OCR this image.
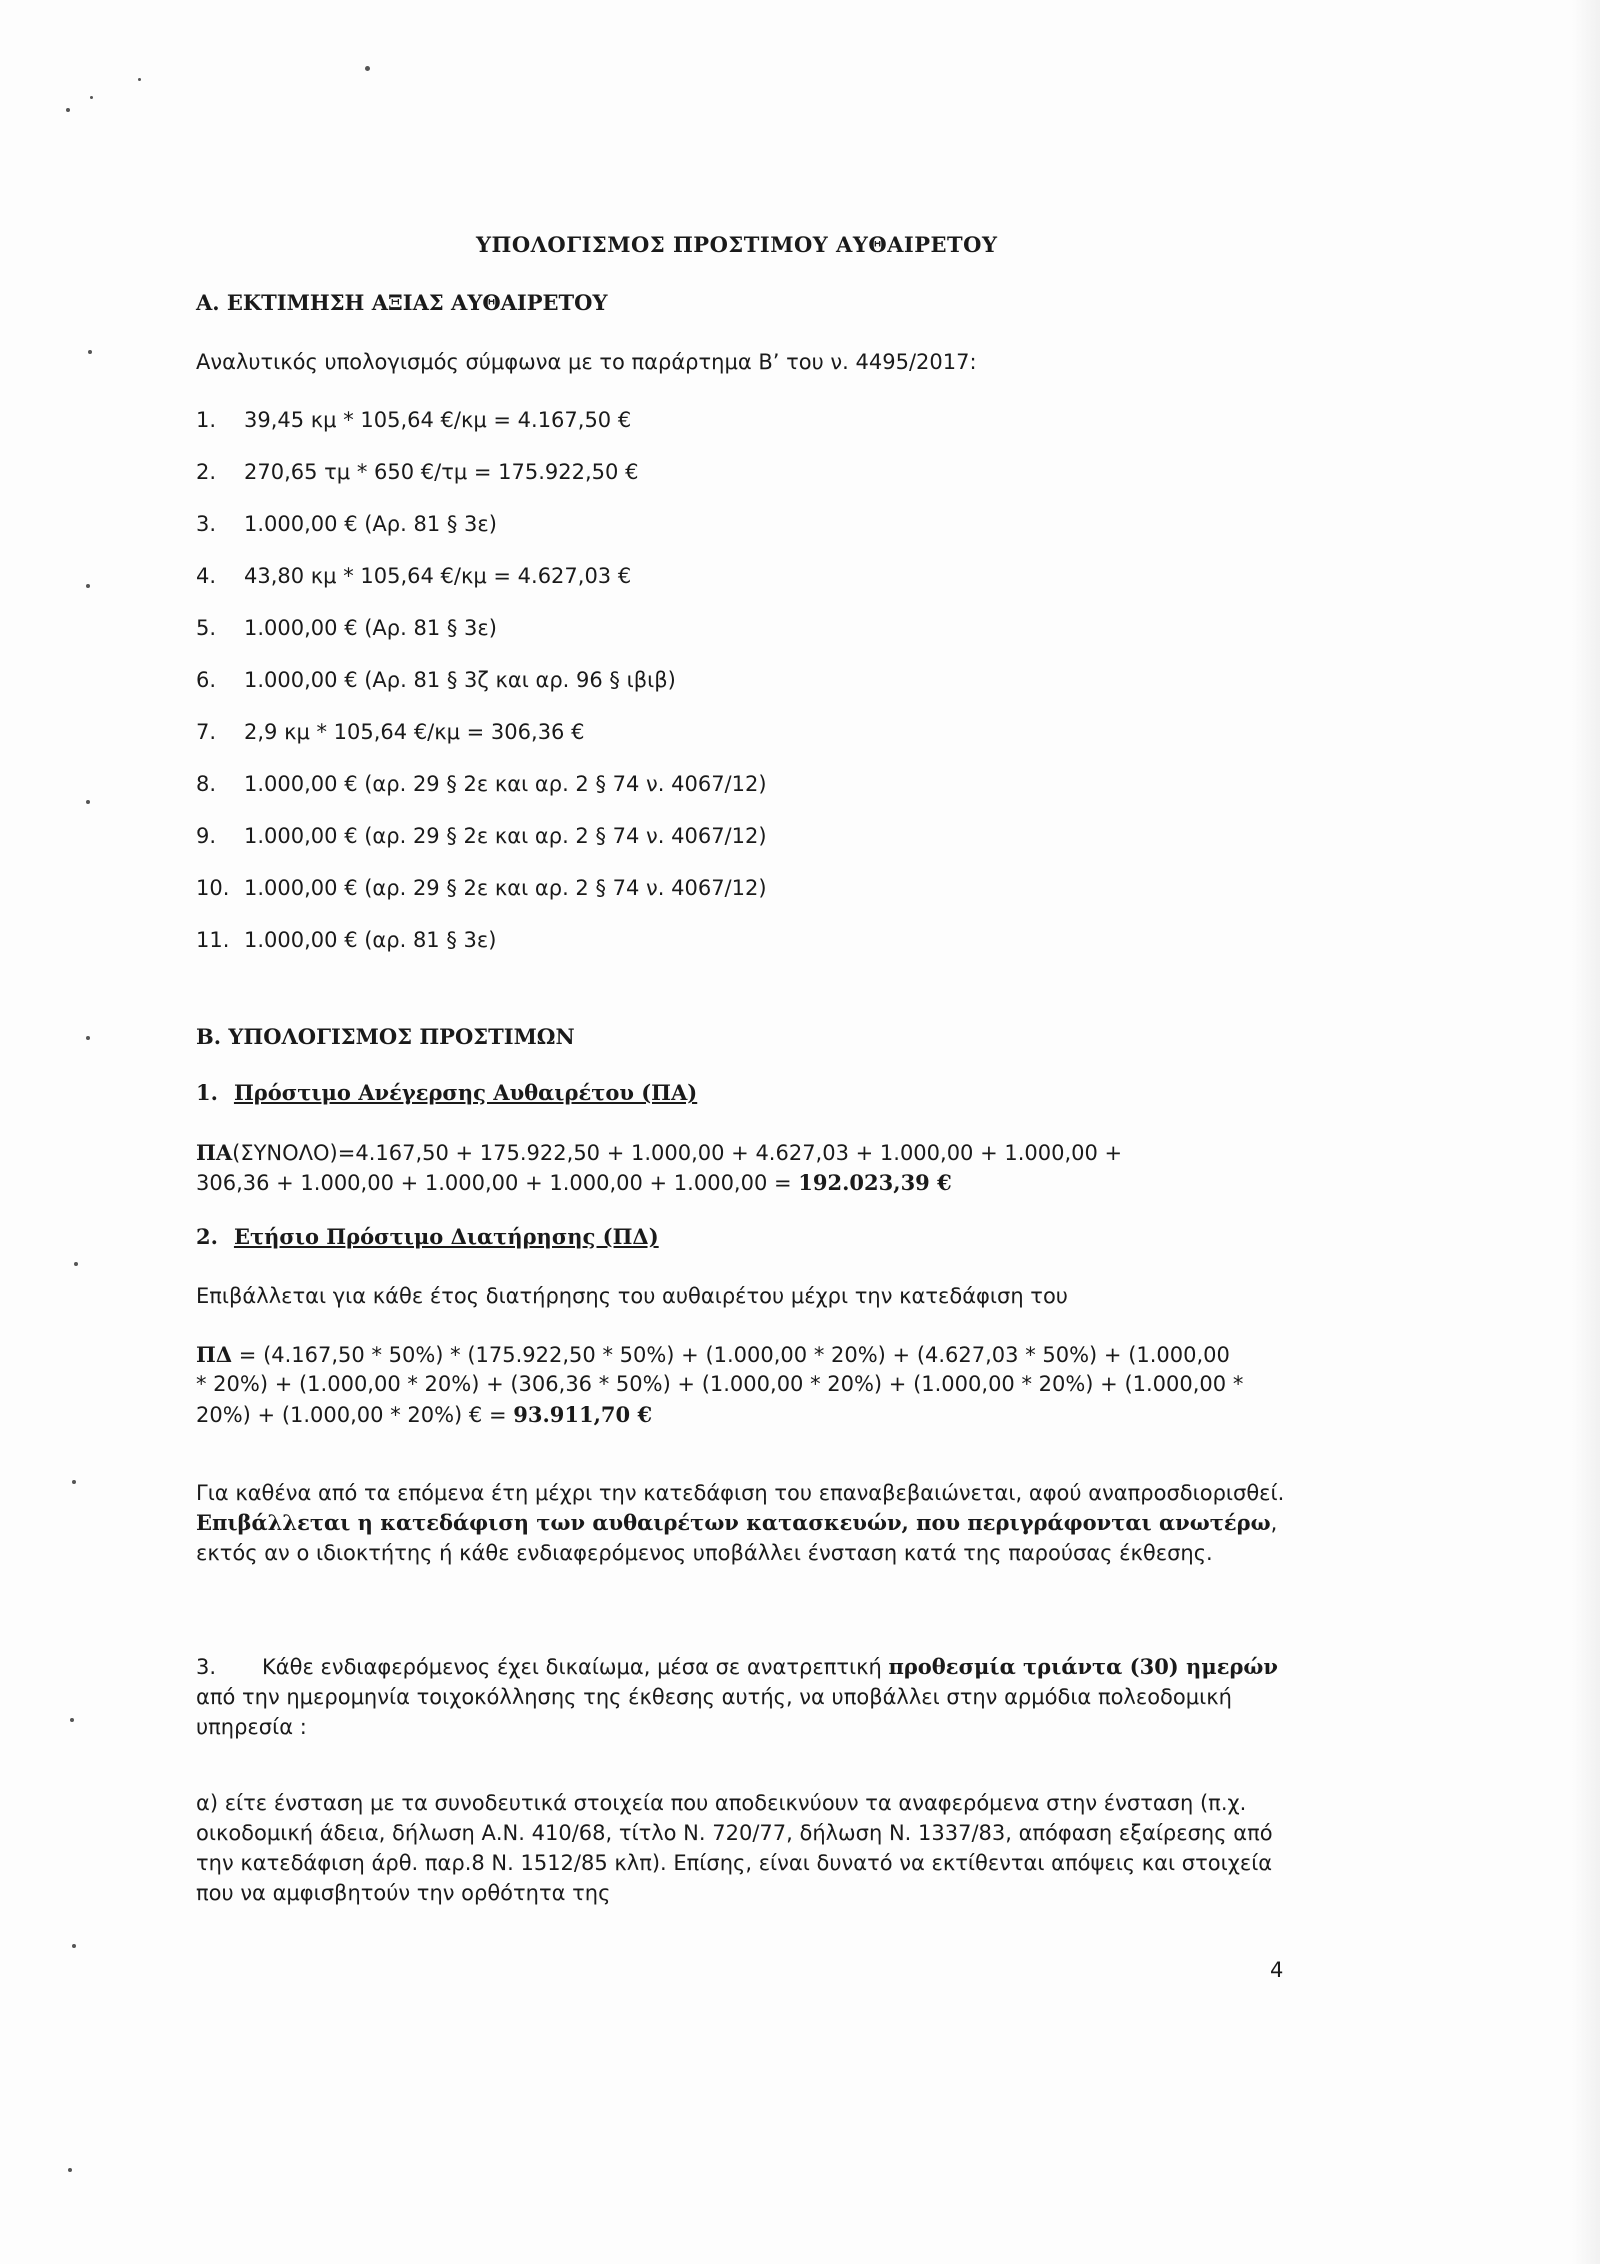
ΥΠΟΛΟΓΙΣΜΟΣ ΠΡΟΣΤΙΜΟΥ ΑΥΘΑΙΡΕΤΟΥ
Α. ΕΚΤΙΜΗΣΗ ΑΞΙΑΣ ΑΥΘΑΙΡΕΤΟΥ
Αναλυτικός υπολογισμός σύμφωνα με το παράρτημα Β’ του ν. 4495/2017:
1. 39,45 κμ * 105,64 €/κμ = 4.167,50 €
2. 270,65 τμ * 650 €/τμ = 175.922,50 €
3. 1.000,00 € (Αρ. 81 § 3ε)
4. 43,80 κμ * 105,64 €/κμ = 4.627,03 €
5. 1.000,00 € (Αρ. 81 § 3ε)
6. 1.000,00 € (Αρ. 81 § 3ζ και αρ. 96 § ιβιβ)
7. 2,9 κμ * 105,64 €/κμ = 306,36 €
8. 1.000,00 € (αρ. 29 § 2ε και αρ. 2 § 74 ν. 4067/12)
9. 1.000,00 € (αρ. 29 § 2ε και αρ. 2 § 74 ν. 4067/12)
10. 1.000,00 € (αρ. 29 § 2ε και αρ. 2 § 74 ν. 4067/12)
11. 1.000,00 € (αρ. 81 § 3ε)
Β. ΥΠΟΛΟΓΙΣΜΟΣ ΠΡΟΣΤΙΜΩΝ
1. Πρόστιμο Ανέγερσης Αυθαιρέτου (ΠΑ)
ΠΑ(ΣΥΝΟΛΟ)=4.167,50 + 175.922,50 + 1.000,00 + 4.627,03 + 1.000,00 + 1.000,00 +
306,36 + 1.000,00 + 1.000,00 + 1.000,00 + 1.000,00 = 192.023,39 €
2. Ετήσιο Πρόστιμο Διατήρησης (ΠΔ)
Επιβάλλεται για κάθε έτος διατήρησης του αυθαιρέτου μέχρι την κατεδάφιση του
ΠΔ = (4.167,50 * 50%) * (175.922,50 * 50%) + (1.000,00 * 20%) + (4.627,03 * 50%) + (1.000,00
* 20%) + (1.000,00 * 20%) + (306,36 * 50%) + (1.000,00 * 20%) + (1.000,00 * 20%) + (1.000,00 *
20%) + (1.000,00 * 20%) € = 93.911,70 €
Για καθένα από τα επόμενα έτη μέχρι την κατεδάφιση του επαναβεβαιώνεται, αφού αναπροσδιορισθεί. Επιβάλλεται η κατεδάφιση των αυθαιρέτων κατασκευών, που περιγράφονται ανωτέρω, εκτός αν ο ιδιοκτήτης ή κάθε ενδιαφερόμενος υποβάλλει ένσταση κατά της παρούσας έκθεσης.
3. Κάθε ενδιαφερόμενος έχει δικαίωμα, μέσα σε ανατρεπτική προθεσμία τριάντα (30) ημερών από την ημερομηνία τοιχοκόλλησης της έκθεσης αυτής, να υποβάλλει στην αρμόδια πολεοδομική υπηρεσία :
α) είτε ένσταση με τα συνοδευτικά στοιχεία που αποδεικνύουν τα αναφερόμενα στην ένσταση (π.χ. οικοδομική άδεια, δήλωση Α.Ν. 410/68, τίτλο Ν. 720/77, δήλωση Ν. 1337/83, απόφαση εξαίρεσης από την κατεδάφιση άρθ. παρ.8 Ν. 1512/85 κλπ). Επίσης, είναι δυνατό να εκτίθενται απόψεις και στοιχεία που να αμφισβητούν την ορθότητα της
4
